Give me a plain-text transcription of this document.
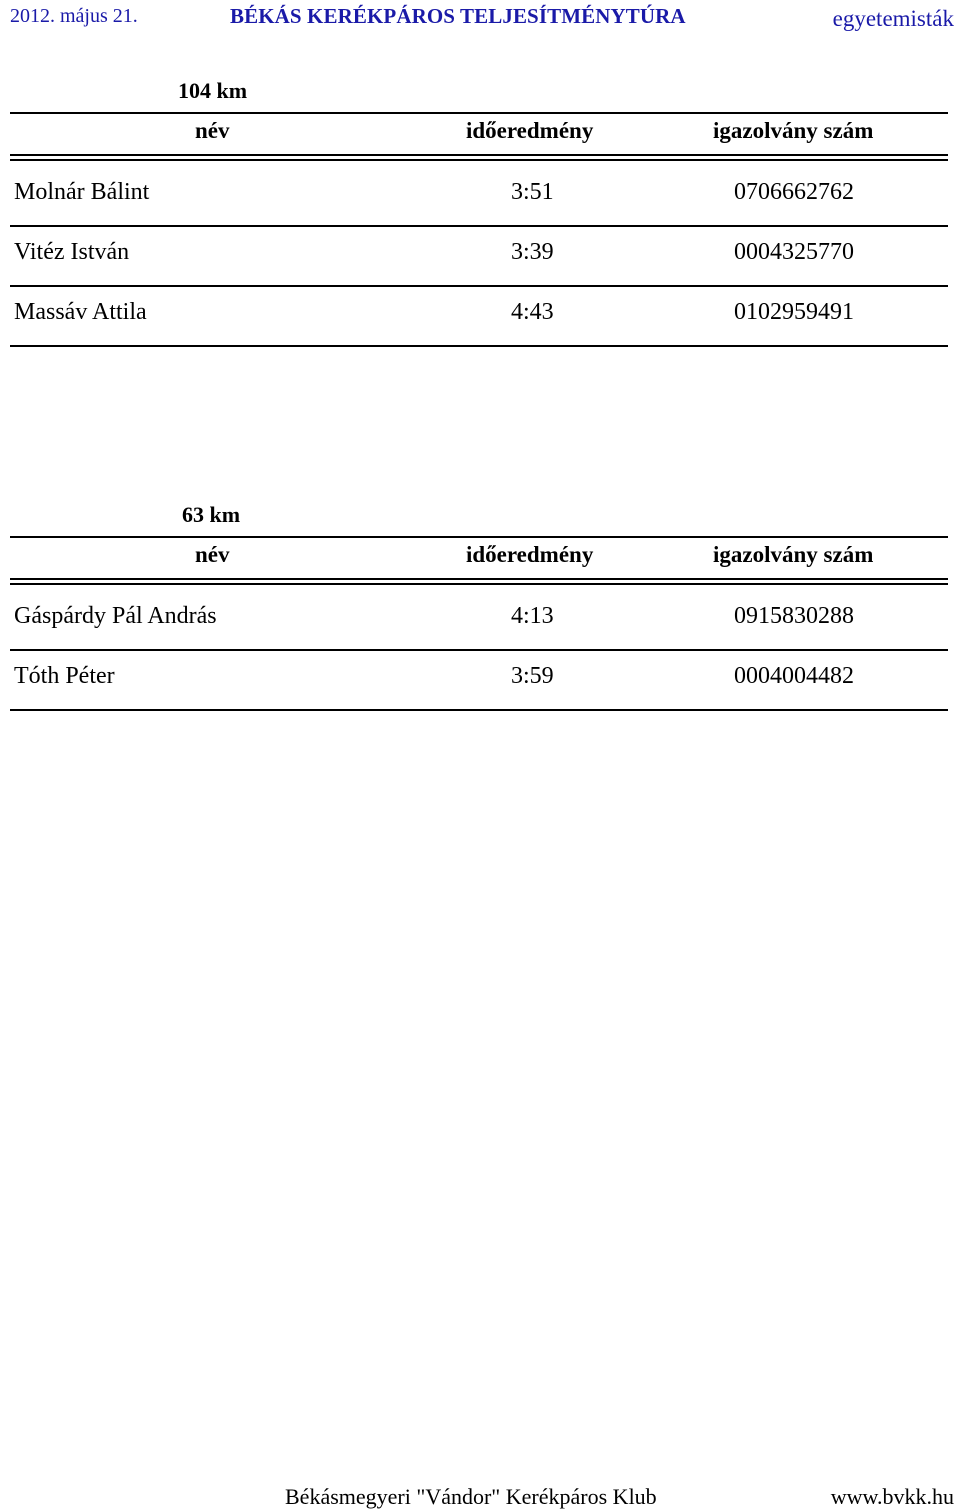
2012. május 21.	BÉKÁS KERÉKPÁROS TELJESÍTMÉNYTÚRA	egyetemisták
104 km
név	időeredmény	igazolvány szám
Molnár Bálint	3:51	0706662762
Vitéz István	3:39	0004325770
Massáv Attila	4:43	0102959491
63 km
név	időeredmény	igazolvány szám
Gáspárdy Pál András	4:13	0915830288
Tóth Péter	3:59	0004004482
Békásmegyeri "Vándor" Kerékpáros Klub	www.bvkk.hu
